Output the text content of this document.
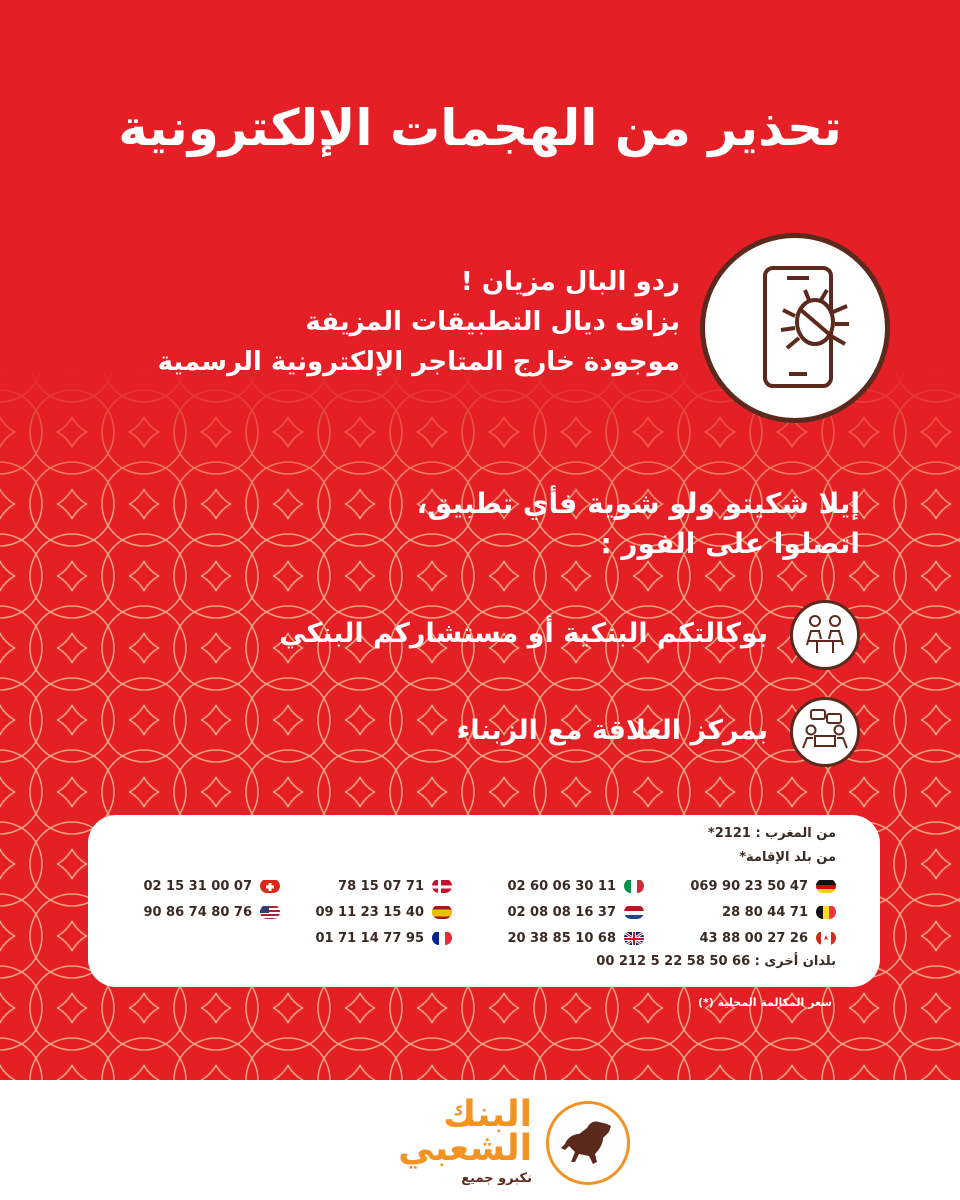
تحذير من الهجمات الإلكترونية
ردو البال مزيان !
بزاف ديال التطبيقات المزيفة
موجودة خارج المتاجر الإلكترونية الرسمية
إيلا شكيتو ولو شوية فأي تطبيق،
اتصلوا على الفور :
بوكالتكم البنكية أو مستشاركم البنكي
بمركز العلاقة مع الزبناء
من المغرب : 2121*
من بلد الإقامة*
069 90 23 50 47
28 80 44 71
43 88 00 27 26
02 60 06 30 11
02 08 08 16 37
20 38 85 10 68
78 15 07 71
09 11 23 15 40
01 71 14 77 95
02 15 31 00 07
90 86 74 80 76
بلدان أخرى : 66 50 58 22 5 212 00
سعر المكالمة المحلية (*)
البنك
الشعبي
نكبرو جميع
